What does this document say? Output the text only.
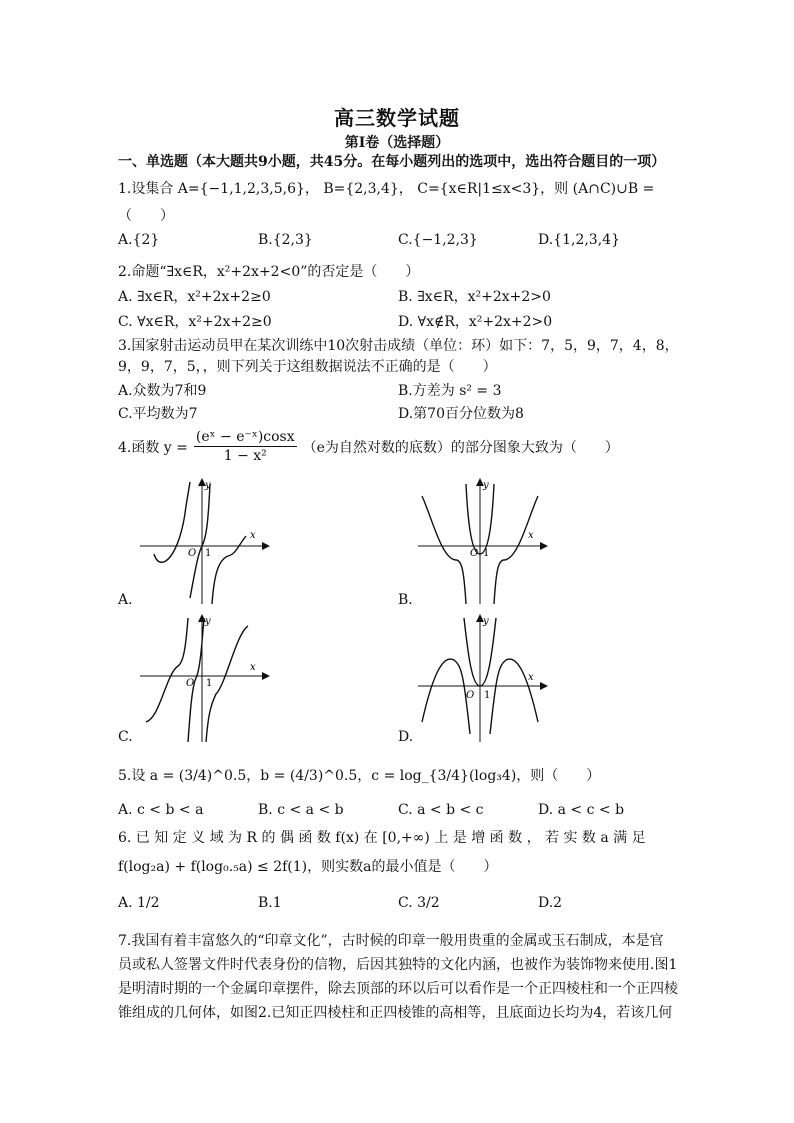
高三数学试题
第Ⅰ卷（选择题）
一、单选题（本大题共9小题，共45分。在每小题列出的选项中，选出符合题目的一项）
1.设集合 A={−1,1,2,3,5,6}， B={2,3,4}， C={x∈R|1≤x<3}，则 (A∩C)∪B =
（　　）
A.{2}	B.{2,3}	C.{−1,2,3}	D.{1,2,3,4}
2.命题“∃x∈R，x²+2x+2<0”的否定是（　　）
A. ∃x∈R，x²+2x+2≥0	B. ∃x∈R，x²+2x+2>0
C. ∀x∈R，x²+2x+2≥0	D. ∀x∉R，x²+2x+2>0
3.国家射击运动员甲在某次训练中10次射击成绩（单位：环）如下：7，5，9，7，4，8，
9，9，7，5，，则下列关于这组数据说法不正确的是（　　）
A.众数为7和9	B.方差为 s² = 3
C.平均数为7	D.第70百分位数为8
4.函数 $y = \frac{\text{(eˣ − e⁻ˣ)cosx}}{\text{1 − x²}} (e$为自然对数的底数）的部分图象大致为（　　）
x
y
O 1
A.
x
y
O 1
B.
x
y
O 1
C.
x
y
O 1
D.
5.设 a = (3/4)^0.5，b = (4/3)^0.5，c = log_{3/4}(log₃4)，则（　　）
A. c < b < a	B. c < a < b	C. a < b < c	D. a < c < b
6. 已 知 定 义 域 为 R 的 偶 函 数 f(x) 在 [0,+∞) 上 是 增 函 数 ， 若 实 数 a 满 足
f(log₂a) + f(log₀.₅a) ≤ 2f(1)，则实数a的最小值是（　　）
A. 1/2	B.1	C. 3/2	D.2
7.我国有着丰富悠久的“印章文化”，古时候的印章一般用贵重的金属或玉石制成，本是官
员或私人签署文件时代表身份的信物，后因其独特的文化内涵，也被作为装饰物来使用.图1
是明清时期的一个金属印章摆件，除去顶部的环以后可以看作是一个正四棱柱和一个正四棱
锥组成的几何体，如图2.已知正四棱柱和正四棱锥的高相等，且底面边长均为4，若该几何
